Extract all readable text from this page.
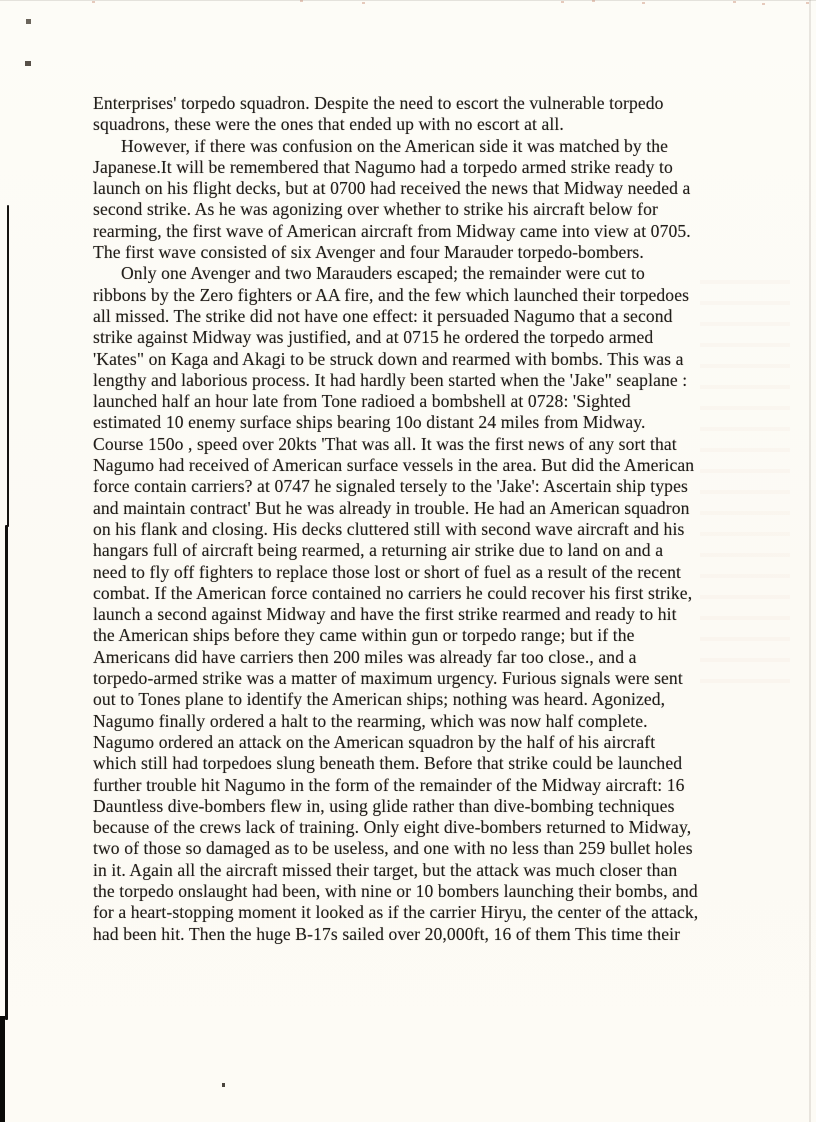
Enterprises' torpedo squadron. Despite the need to escort the vulnerable torpedo
squadrons, these were the ones that ended up with no escort at all.
However, if there was confusion on the American side it was matched by the
Japanese.It will be remembered that Nagumo had a torpedo armed strike ready to
launch on his flight decks, but at 0700 had received the news that Midway needed a
second strike. As he was agonizing over whether to strike his aircraft below for
rearming, the first wave of American aircraft from Midway came into view at 0705.
The first wave consisted of six Avenger and four Marauder torpedo-bombers.
Only one Avenger and two Marauders escaped; the remainder were cut to
ribbons by the Zero fighters or AA fire, and the few which launched their torpedoes
all missed. The strike did not have one effect: it persuaded Nagumo that a second
strike against Midway was justified, and at 0715 he ordered the torpedo armed
'Kates" on Kaga and Akagi to be struck down and rearmed with bombs. This was a
lengthy and laborious process. It had hardly been started when the 'Jake" seaplane :
launched half an hour late from Tone radioed a bombshell at 0728: 'Sighted
estimated 10 enemy surface ships bearing 10o distant 24 miles from Midway.
Course 150o , speed over 20kts 'That was all. It was the first news of any sort that
Nagumo had received of American surface vessels in the area. But did the American
force contain carriers? at 0747 he signaled tersely to the 'Jake': Ascertain ship types
and maintain contract' But he was already in trouble. He had an American squadron
on his flank and closing. His decks cluttered still with second wave aircraft and his
hangars full of aircraft being rearmed, a returning air strike due to land on and a
need to fly off fighters to replace those lost or short of fuel as a result of the recent
combat. If the American force contained no carriers he could recover his first strike,
launch a second against Midway and have the first strike rearmed and ready to hit
the American ships before they came within gun or torpedo range; but if the
Americans did have carriers then 200 miles was already far too close., and a
torpedo-armed strike was a matter of maximum urgency. Furious signals were sent
out to Tones plane to identify the American ships; nothing was heard. Agonized,
Nagumo finally ordered a halt to the rearming, which was now half complete.
Nagumo ordered an attack on the American squadron by the half of his aircraft
which still had torpedoes slung beneath them. Before that strike could be launched
further trouble hit Nagumo in the form of the remainder of the Midway aircraft: 16
Dauntless dive-bombers flew in, using glide rather than dive-bombing techniques
because of the crews lack of training. Only eight dive-bombers returned to Midway,
two of those so damaged as to be useless, and one with no less than 259 bullet holes
in it. Again all the aircraft missed their target, but the attack was much closer than
the torpedo onslaught had been, with nine or 10 bombers launching their bombs, and
for a heart-stopping moment it looked as if the carrier Hiryu, the center of the attack,
had been hit. Then the huge B-17s sailed over 20,000ft, 16 of them This time their
